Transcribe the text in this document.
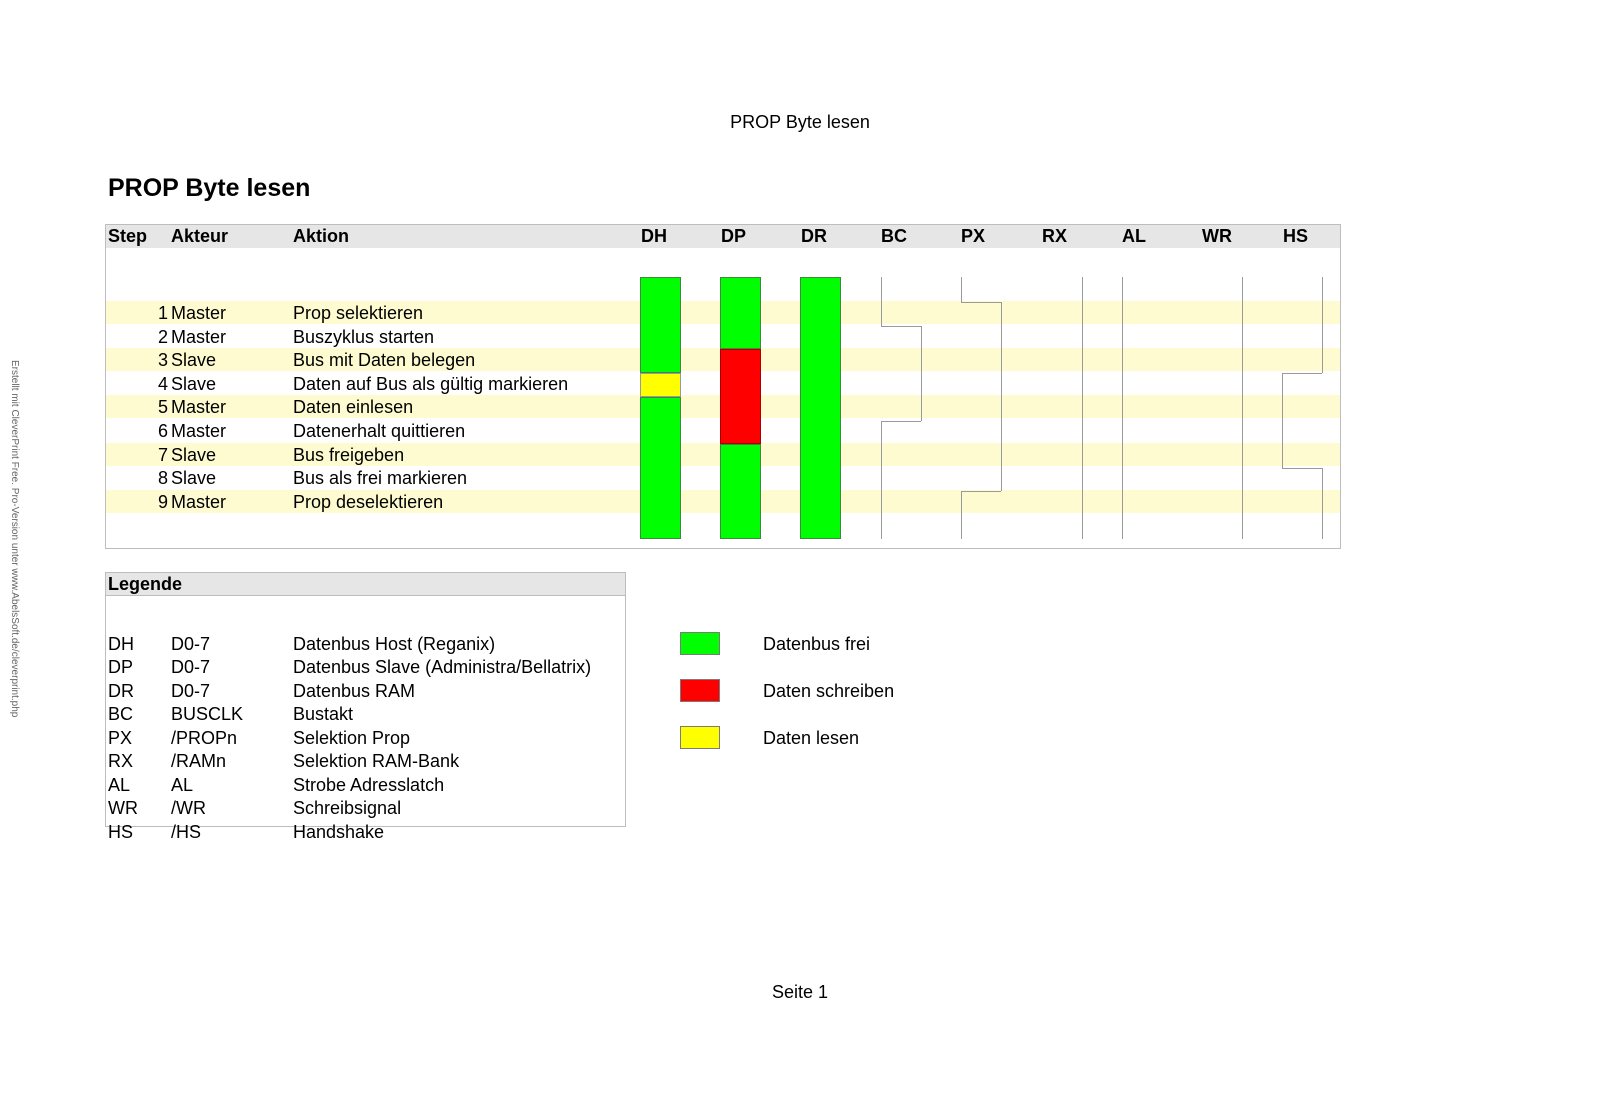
PROP Byte lesen
Erstellt mit CleverPrint Free. Pro-Version unter www.AbelsSoft.de/cleverprint.php
PROP Byte lesen
Step Akteur	Aktion	DH	DP	DR	BC	PX	RX	AL	WR	HS
1 Master	Prop selektieren
2 Master	Buszyklus starten
3 Slave	Bus mit Daten belegen
4 Slave	Daten auf Bus als gültig markieren
5 Master	Daten einlesen
6 Master	Datenerhalt quittieren
7 Slave	Bus freigeben
8 Slave	Bus als frei markieren
9 Master	Prop deselektieren
Legende
DH D0-7	Datenbus Host (Reganix)
DP D0-7	Datenbus Slave (Administra/Bellatrix)
DR D0-7	Datenbus RAM
BC BUSCLK	Bustakt
PX /PROPn	Selektion Prop
RX /RAMn	Selektion RAM-Bank
AL AL	Strobe Adresslatch
WR /WR	Schreibsignal
HS /HS	Handshake
Datenbus frei
Daten schreiben
Daten lesen
Seite 1
